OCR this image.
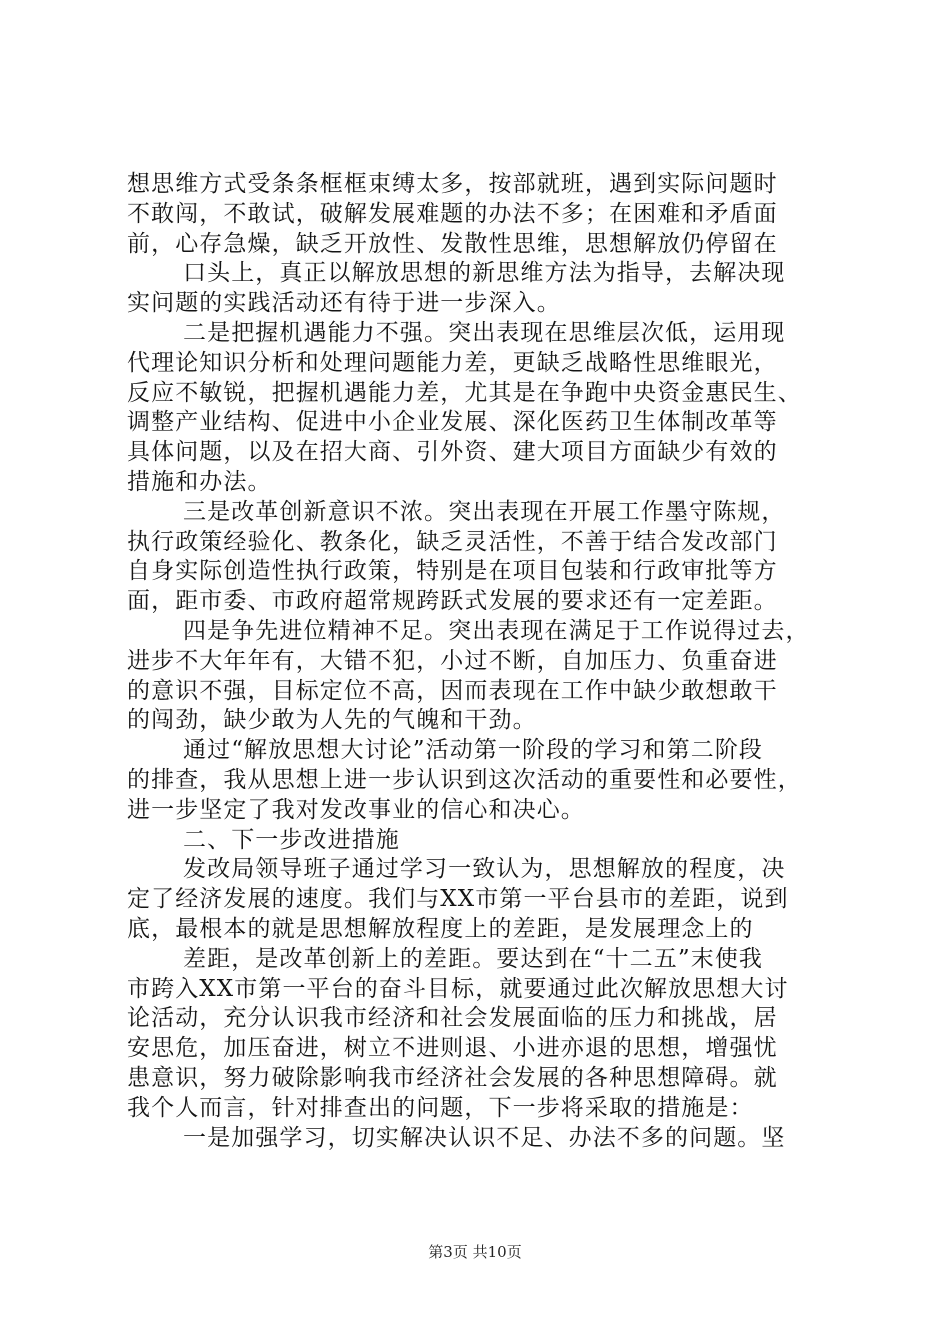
想思维方式受条条框框束缚太多，按部就班，遇到实际问题时
不敢闯，不敢试，破解发展难题的办法不多；在困难和矛盾面
前，心存急燥，缺乏开放性、发散性思维，思想解放仍停留在
口头上，真正以解放思想的新思维方法为指导，去解决现
实问题的实践活动还有待于进一步深入。
二是把握机遇能力不强。突出表现在思维层次低，运用现
代理论知识分析和处理问题能力差，更缺乏战略性思维眼光，
反应不敏锐，把握机遇能力差，尤其是在争跑中央资金惠民生、
调整产业结构、促进中小企业发展、深化医药卫生体制改革等
具体问题，以及在招大商、引外资、建大项目方面缺少有效的
措施和办法。
三是改革创新意识不浓。突出表现在开展工作墨守陈规，
执行政策经验化、教条化，缺乏灵活性，不善于结合发改部门
自身实际创造性执行政策，特别是在项目包装和行政审批等方
面，距市委、市政府超常规跨跃式发展的要求还有一定差距。
四是争先进位精神不足。突出表现在满足于工作说得过去，
进步不大年年有，大错不犯，小过不断，自加压力、负重奋进
的意识不强，目标定位不高，因而表现在工作中缺少敢想敢干
的闯劲，缺少敢为人先的气魄和干劲。
通过“解放思想大讨论”活动第一阶段的学习和第二阶段
的排查，我从思想上进一步认识到这次活动的重要性和必要性，
进一步坚定了我对发改事业的信心和决心。
二、下一步改进措施
发改局领导班子通过学习一致认为，思想解放的程度，决
定了经济发展的速度。我们与XX市第一平台县市的差距，说到
底，最根本的就是思想解放程度上的差距，是发展理念上的
差距，是改革创新上的差距。要达到在“十二五”末使我
市跨入XX市第一平台的奋斗目标，就要通过此次解放思想大讨
论活动，充分认识我市经济和社会发展面临的压力和挑战，居
安思危，加压奋进，树立不进则退、小进亦退的思想，增强忧
患意识，努力破除影响我市经济社会发展的各种思想障碍。就
我个人而言，针对排查出的问题，下一步将采取的措施是：
一是加强学习，切实解决认识不足、办法不多的问题。坚
第3页 共10页
